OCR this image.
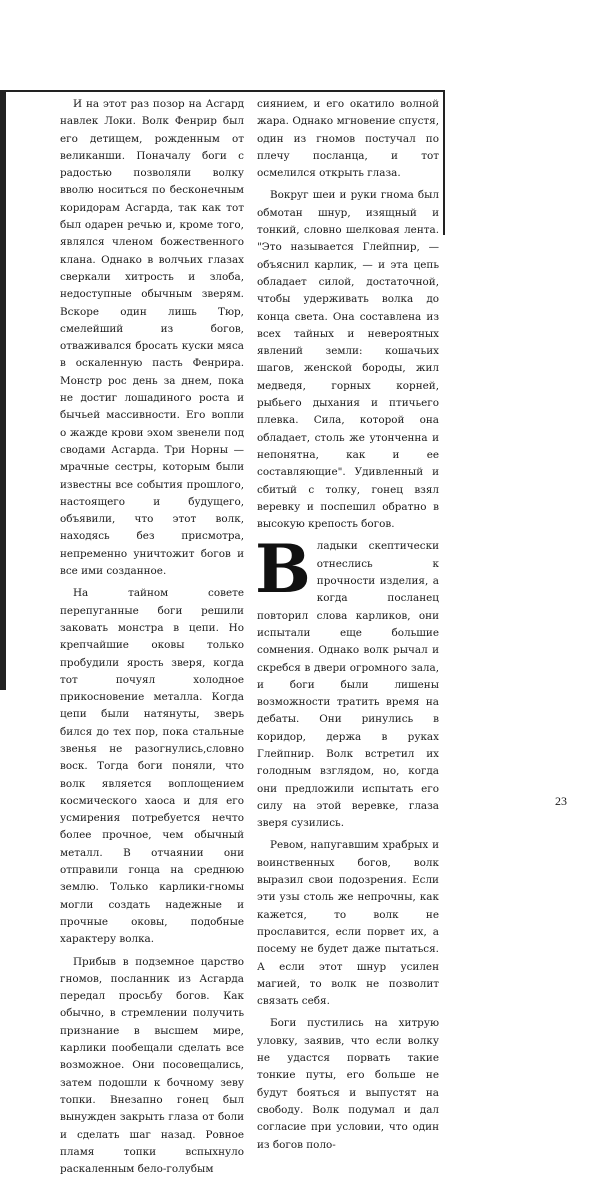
И на этот раз позор на Асгард навлек Локи. Волк Фенрир был его детищем, рожденным от великанши. Поначалу боги с радостью позволяли волку вволю носиться по бесконечным коридорам Асгарда, так как тот был одарен речью и, кроме того, являлся членом божественного клана. Однако в волчьих глазах сверкали хитрость и злоба, недоступные обычным зверям. Вскоре один лишь Тюр, смелейший из богов, отваживался бросать куски мяса в оскаленную пасть Фенрира. Монстр рос день за днем, пока не достиг лошадиного роста и бычьей массивности. Его вопли о жажде крови эхом звенели под сводами Асгарда. Три Норны — мрачные сестры, которым были известны все события прошлого, настоящего и будущего, объявили, что этот волк, находясь без присмотра, непременно уничтожит богов и все ими созданное.

На тайном совете перепуганные боги решили заковать монстра в цепи. Но крепчайшие оковы только пробудили ярость зверя, когда тот почуял холодное прикосновение металла. Когда цепи были натянуты, зверь бился до тех пор, пока стальные звенья не разогнулись,словно воск. Тогда боги поняли, что волк является воплощением космического хаоса и для его усмирения потребуется нечто более прочное, чем обычный металл. В отчаянии они отправили гонца на среднюю землю. Только карлики-гномы могли создать надежные и прочные оковы, подобные характеру волка.

Прибыв в подземное царство гномов, посланник из Асгарда передал просьбу богов. Как обычно, в стремлении получить признание в высшем мире, карлики пообещали сделать все возможное. Они посовещались, затем подошли к бочному зеву топки. Внезапно гонец был вынужден закрыть глаза от боли и сделать шаг назад. Ровное пламя топки вспыхнуло раскаленным бело-голубым

сиянием, и его окатило волной жара. Однако мгновение спустя, один из гномов постучал по плечу посланца, и тот осмелился открыть глаза.

Вокруг шеи и руки гнома был обмотан шнур, изящный и тонкий, словно шелковая лента. "Это называется Глейпнир, — объяснил карлик, — и эта цепь обладает силой, достаточной, чтобы удерживать волка до конца света. Она составлена из всех тайных и невероятных явлений земли: кошачьих шагов, женской бороды, жил медведя, горных корней, рыбьего дыхания и птичьего плевка. Сила, которой она обладает, столь же утонченна и непонятна, как и ее составляющие". Удивленный и сбитый с толку, гонец взял веревку и поспешил обратно в высокую крепость богов.

Владыки скептически отнеслись к прочности изделия, а когда посланец повторил слова карликов, они испытали еще большие сомнения. Однако волк рычал и скребся в двери огромного зала, и боги были лишены возможности тратить время на дебаты. Они ринулись в коридор, держа в руках Глейпнир. Волк встретил их голодным взглядом, но, когда они предложили испытать его силу на этой веревке, глаза зверя сузились.

Ревом, напугавшим храбрых и воинственных богов, волк выразил свои подозрения. Если эти узы столь же непрочны, как кажется, то волк не прославится, если порвет их, а посему не будет даже пытаться. А если этот шнур усилен магией, то волк не позволит связать себя.

Боги пустились на хитрую уловку, заявив, что если волку не удастся порвать такие тонкие путы, его больше не будут бояться и выпустят на свободу. Волк подумал и дал согласие при условии, что один из богов поло-

23
